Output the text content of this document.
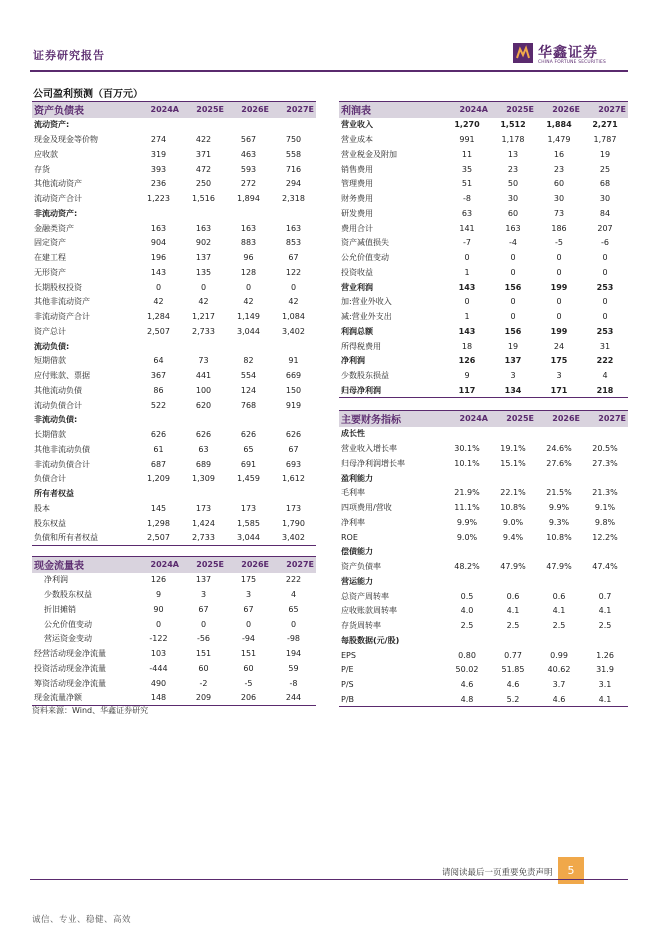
证券研究报告	华鑫证券
CHINA FORTUNE SECURITIES
公司盈利预测（百万元）
资产负债表	2024A	2025E	2026E	2027E
流动资产:				
现金及现金等价物	274	422	567	750
应收款	319	371	463	558
存货	393	472	593	716
其他流动资产	236	250	272	294
流动资产合计	1,223	1,516	1,894	2,318
非流动资产:				
金融类资产	163	163	163	163
固定资产	904	902	883	853
在建工程	196	137	96	67
无形资产	143	135	128	122
长期股权投资	0	0	0	0
其他非流动资产	42	42	42	42
非流动资产合计	1,284	1,217	1,149	1,084
资产总计	2,507	2,733	3,044	3,402
流动负债:				
短期借款	64	73	82	91
应付账款、票据	367	441	554	669
其他流动负债	86	100	124	150
流动负债合计	522	620	768	919
非流动负债:				
长期借款	626	626	626	626
其他非流动负债	61	63	65	67
非流动负债合计	687	689	691	693
负债合计	1,209	1,309	1,459	1,612
所有者权益				
股本	145	173	173	173
股东权益	1,298	1,424	1,585	1,790
负债和所有者权益	2,507	2,733	3,044	3,402
利润表	2024A	2025E	2026E	2027E
营业收入	1,270	1,512	1,884	2,271
营业成本	991	1,178	1,479	1,787
营业税金及附加	11	13	16	19
销售费用	35	23	23	25
管理费用	51	50	60	68
财务费用	-8	30	30	30
研发费用	63	60	73	84
费用合计	141	163	186	207
资产减值损失	-7	-4	-5	-6
公允价值变动	0	0	0	0
投资收益	1	0	0	0
营业利润	143	156	199	253
加:营业外收入	0	0	0	0
减:营业外支出	1	0	0	0
利润总额	143	156	199	253
所得税费用	18	19	24	31
净利润	126	137	175	222
少数股东损益	9	3	3	4
归母净利润	117	134	171	218
主要财务指标	2024A	2025E	2026E	2027E
成长性				
营业收入增长率	30.1%	19.1%	24.6%	20.5%
归母净利润增长率	10.1%	15.1%	27.6%	27.3%
盈利能力				
毛利率	21.9%	22.1%	21.5%	21.3%
四项费用/营收	11.1%	10.8%	9.9%	9.1%
净利率	9.9%	9.0%	9.3%	9.8%
ROE	9.0%	9.4%	10.8%	12.2%
偿债能力				
资产负债率	48.2%	47.9%	47.9%	47.4%
营运能力				
总资产周转率	0.5	0.6	0.6	0.7
应收账款周转率	4.0	4.1	4.1	4.1
存货周转率	2.5	2.5	2.5	2.5
每股数据(元/股)				
EPS	0.80	0.77	0.99	1.26
P/E	50.02	51.85	40.62	31.9
P/S	4.6	4.6	3.7	3.1
P/B	4.8	5.2	4.6	4.1
现金流量表	2024A	2025E	2026E	2027E
净利润	126	137	175	222
少数股东权益	9	3	3	4
折旧摊销	90	67	67	65
公允价值变动	0	0	0	0
营运资金变动	-122	-56	-94	-98
经营活动现金净流量	103	151	151	194
投资活动现金净流量	-444	60	60	59
筹资活动现金净流量	490	-2	-5	-8
现金流量净额	148	209	206	244
资料来源：Wind、华鑫证券研究
请阅读最后一页重要免责声明	5
诚信、专业、稳健、高效
